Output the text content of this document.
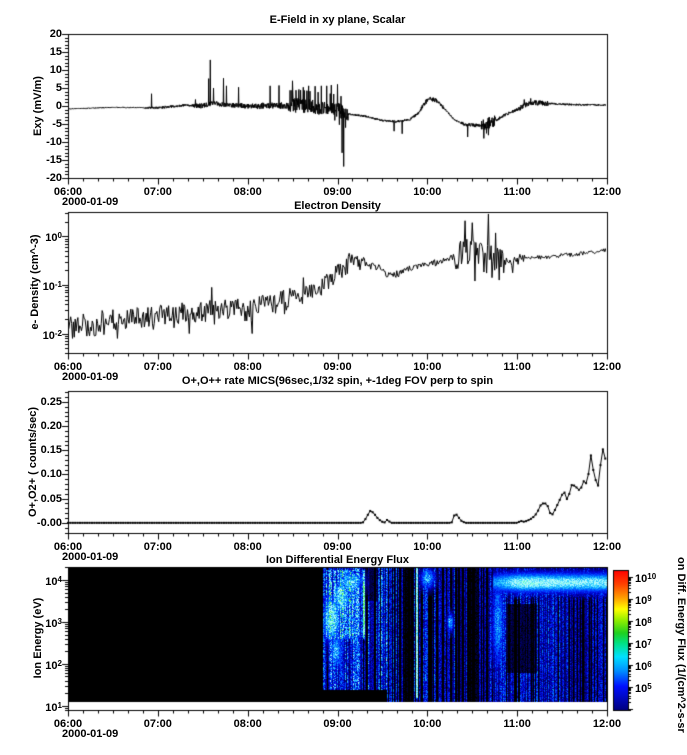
E-Field in xy plane, Scalar
Electron Density
O+,O++ rate MICS(96sec,1/32 spin, +-1deg FOV perp to spin
Ion Differential Energy Flux
Exy (mV/m)
e- Density (cm^-3)
O+,O2+ ( counts/sec)
Ion Energy (eV)	on Diff. Energy Flux (1/(cm^2-s-sr
$10^5$
$10^6$
$10^7$
$10^8$
$10^9$
$10^{10}$
06:00	07:00	08:00	09:00	10:00	11:00	12:00
2000-01-09
-20
-15
-10
-5
0
5
10
15
20
06:00	07:00	08:00	09:00	10:00	11:00	12:00
2000-01-09
$10^{-2}$
$10^{-1}$
$10^0$
06:00	07:00	08:00	09:00	10:00	11:00	12:00
2000-01-09
-0.00
0.05
0.10
0.15
0.20
0.25
06:00	07:00	08:00	09:00	10:00	11:00	12:00
2000-01-09
$10^1$
$10^2$
$10^3$
$10^4$
